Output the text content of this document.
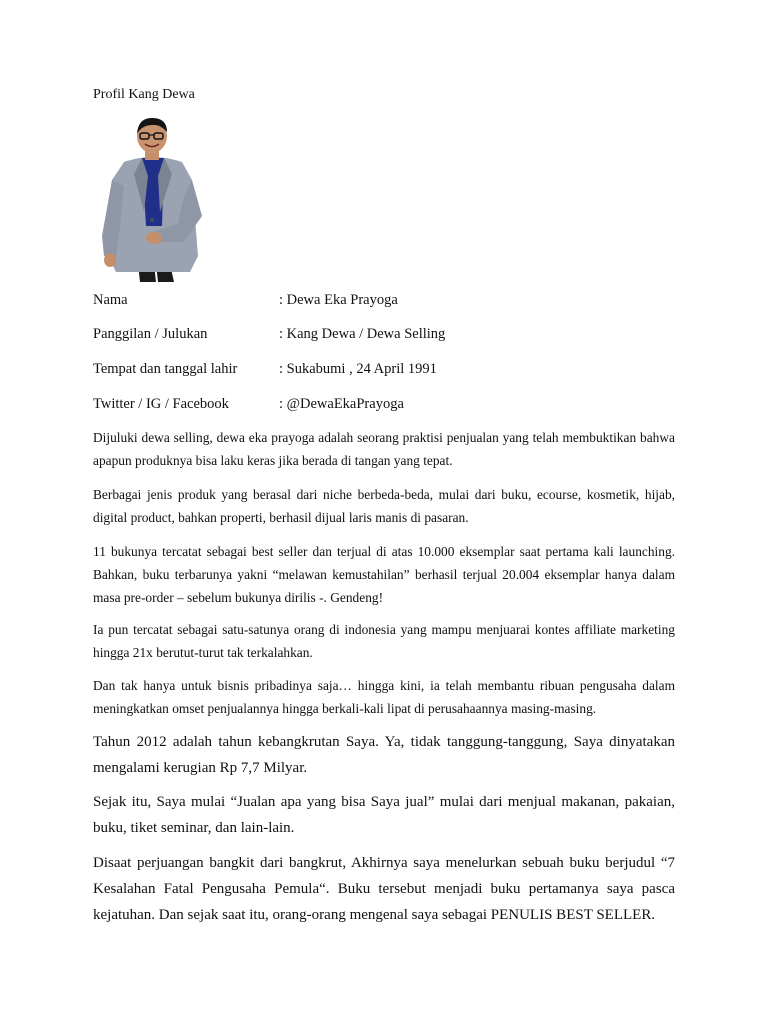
Profil Kang Dewa
Nama	: Dewa Eka Prayoga
Panggilan / Julukan	: Kang Dewa / Dewa Selling
Tempat dan tanggal lahir	: Sukabumi , 24 April 1991
Twitter / IG / Facebook	: @DewaEkaPrayoga

Dijuluki dewa selling, dewa eka prayoga adalah seorang praktisi penjualan yang telah membuktikan bahwa apapun produknya bisa laku keras jika berada di tangan yang tepat.

Berbagai jenis produk yang berasal dari niche berbeda-beda, mulai dari buku, ecourse, kosmetik, hijab, digital product, bahkan properti, berhasil dijual laris manis di pasaran.

11 bukunya tercatat sebagai best seller dan terjual di atas 10.000 eksemplar saat pertama kali launching. Bahkan, buku terbarunya yakni “melawan kemustahilan” berhasil terjual 20.004 eksemplar hanya dalam masa pre-order – sebelum bukunya dirilis -. Gendeng!

Ia pun tercatat sebagai satu-satunya orang di indonesia yang mampu menjuarai kontes affiliate marketing hingga 21x berutut-turut tak terkalahkan.

Dan tak hanya untuk bisnis pribadinya saja… hingga kini, ia telah membantu ribuan pengusaha dalam meningkatkan omset penjualannya hingga berkali-kali lipat di perusahaannya masing-masing.

Tahun 2012 adalah tahun kebangkrutan Saya. Ya, tidak tanggung-tanggung, Saya dinyatakan mengalami kerugian Rp 7,7 Milyar.

Sejak itu, Saya mulai “Jualan apa yang bisa Saya jual” mulai dari menjual makanan, pakaian, buku, tiket seminar, dan lain-lain.

Disaat perjuangan bangkit dari bangkrut, Akhirnya saya menelurkan sebuah buku berjudul “7 Kesalahan Fatal Pengusaha Pemula“. Buku tersebut menjadi buku pertamanya saya pasca kejatuhan. Dan sejak saat itu, orang-orang mengenal saya sebagai PENULIS BEST SELLER.
